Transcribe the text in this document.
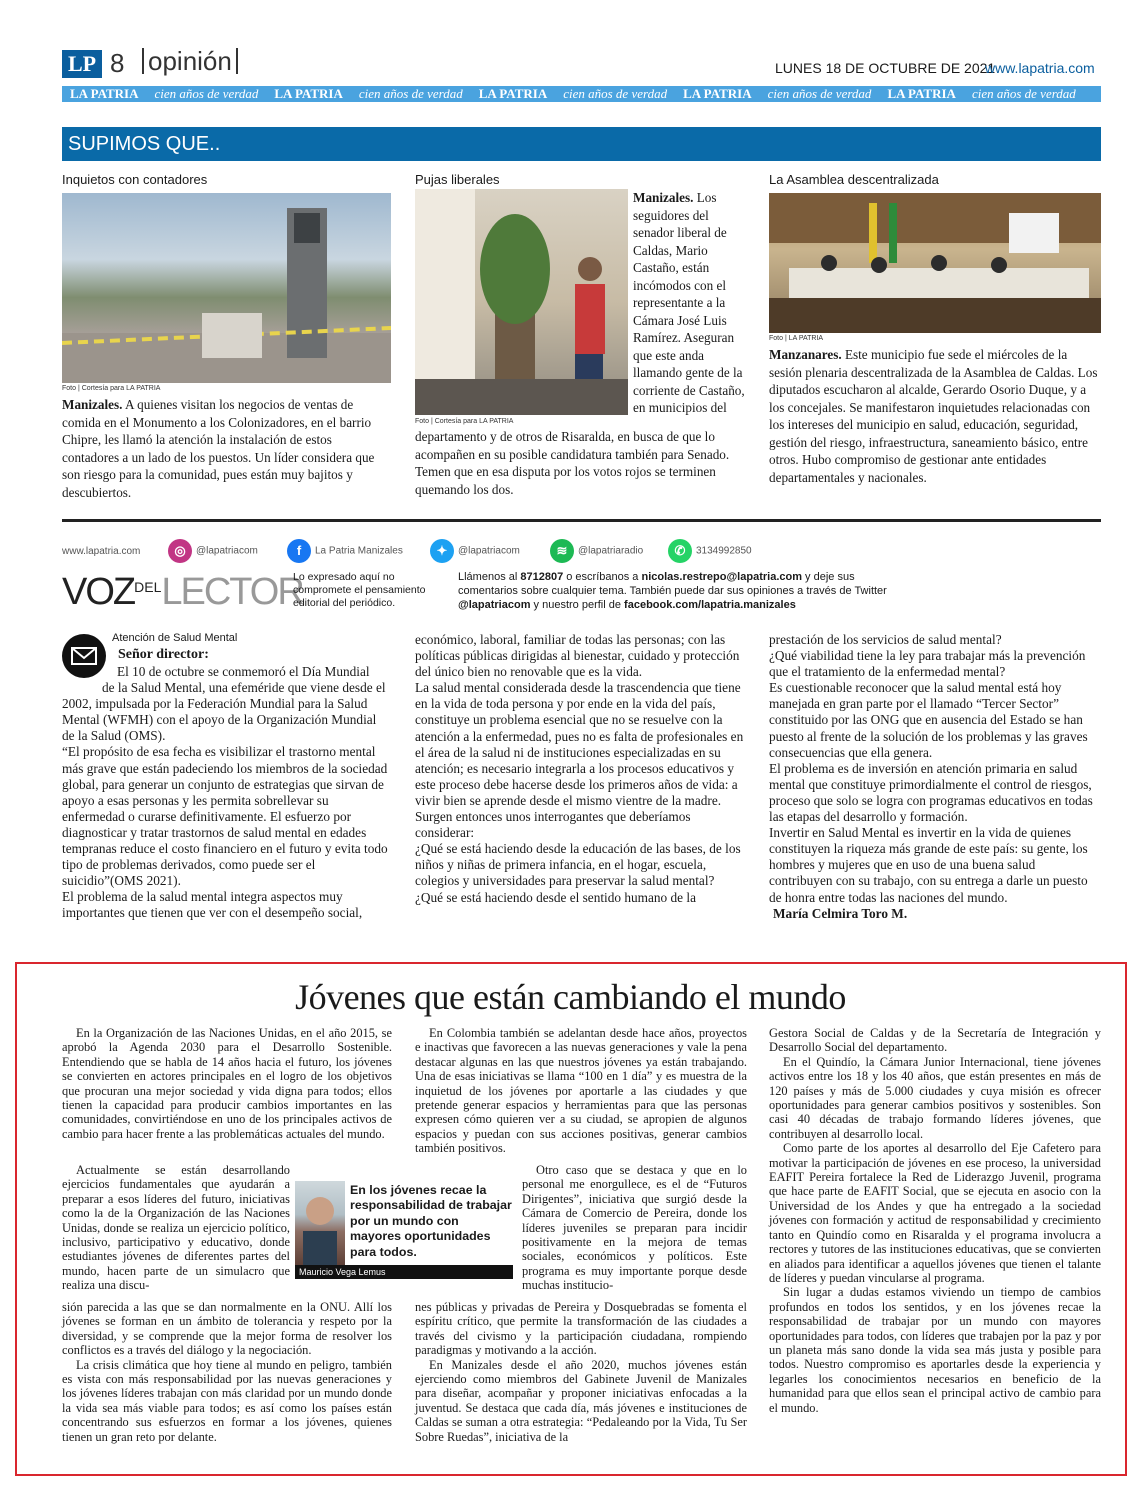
LP 8 opinión	LUNES 18 DE OCTUBRE DE 2021
www.lapatria.com
LA PATRIA cien años de verdad LA PATRIA cien años de verdad LA PATRIA cien años de verdad LA PATRIA cien años de verdad LA PATRIA cien años de verdad
SUPIMOS QUE..
Inquietos con contadores
Foto | Cortesía para LA PATRIA
Manizales. A quienes visitan los negocios de ventas de comida en el Monumento a los Colonizadores, en el barrio Chipre, les llamó la atención la instalación de estos contadores a un lado de los puestos. Un líder considera que son riesgo para la comunidad, pues están muy bajitos y descubiertos.
Pujas liberales
Foto | Cortesía para LA PATRIA
Manizales. Los seguidores del senador liberal de Caldas, Mario Castaño, están incómodos con el representante a la Cámara José Luis Ramírez. Aseguran que este anda llamando gente de la corriente de Castaño, en municipios del
departamento y de otros de Risaralda, en busca de que lo acompañen en su posible candidatura también para Senado. Temen que en esa disputa por los votos rojos se terminen quemando los dos.
La Asamblea descentralizada
Foto | LA PATRIA
Manzanares. Este municipio fue sede el miércoles de la sesión plenaria descentralizada de la Asamblea de Caldas. Los diputados escucharon al alcalde, Gerardo Osorio Duque, y a los concejales. Se manifestaron inquietudes relacionadas con los intereses del municipio en salud, educación, seguridad, gestión del riesgo, infraestructura, saneamiento básico, entre otros. Hubo compromiso de gestionar ante entidades departamentales y nacionales.
www.lapatria.com	◎ @lapatriacom	f La Patria Manizales	✦ @lapatriacom	≋ @lapatriaradio	✆ 3134992850
$VOZ^{DEL}LECTOR$
Lo expresado aquí no compromete el pensamiento editorial del periódico.
Llámenos al 8712807 o escríbanos a nicolas.restrepo@lapatria.com y deje sus comentarios sobre cualquier tema. También puede dar sus opiniones a través de Twitter @lapatriacom y nuestro perfil de facebook.com/lapatria.manizales
Atención de Salud Mental
Señor director:
El 10 de octubre se conmemoró el Día Mundial
de la Salud Mental, una efeméride que viene desde el 2002, impulsada por la Federación Mundial para la Salud Mental (WFMH) con el apoyo de la Organización Mundial de la Salud (OMS).
“El propósito de esa fecha es visibilizar el trastorno mental más grave que están padeciendo los miembros de la sociedad global, para generar un conjunto de estrategias que sirvan de apoyo a esas personas y les permita sobrellevar su enfermedad o curarse definitivamente. El esfuerzo por diagnosticar y tratar trastornos de salud mental en edades tempranas reduce el costo financiero en el futuro y evita todo tipo de problemas derivados, como puede ser el suicidio”(OMS 2021).
El problema de la salud mental integra aspectos muy importantes que tienen que ver con el desempeño social,
económico, laboral, familiar de todas las personas; con las políticas públicas dirigidas al bienestar, cuidado y protección del único bien no renovable que es la vida.
La salud mental considerada desde la trascendencia que tiene en la vida de toda persona y por ende en la vida del país, constituye un problema esencial que no se resuelve con la atención a la enfermedad, pues no es falta de profesionales en el área de la salud ni de instituciones especializadas en su atención; es necesario integrarla a los procesos educativos y este proceso debe hacerse desde los primeros años de vida: a vivir bien se aprende desde el mismo vientre de la madre.
Surgen entonces unos interrogantes que deberíamos considerar:
¿Qué se está haciendo desde la educación de las bases, de los niños y niñas de primera infancia, en el hogar, escuela, colegios y universidades para preservar la salud mental?
¿Qué se está haciendo desde el sentido humano de la
prestación de los servicios de salud mental?
¿Qué viabilidad tiene la ley para trabajar más la prevención que el tratamiento de la enfermedad mental?
Es cuestionable reconocer que la salud mental está hoy manejada en gran parte por el llamado “Tercer Sector” constituido por las ONG que en ausencia del Estado se han puesto al frente de la solución de los problemas y las graves consecuencias que ella genera.
El problema es de inversión en atención primaria en salud mental que constituye primordialmente el control de riesgos, proceso que solo se logra con programas educativos en todas las etapas del desarrollo y formación.
Invertir en Salud Mental es invertir en la vida de quienes constituyen la riqueza más grande de este país: su gente, los hombres y mujeres que en uso de una buena salud contribuyen con su trabajo, con su entrega a darle un puesto de honra entre todas las naciones del mundo.
María Celmira Toro M.
Jóvenes que están cambiando el mundo

En la Organización de las Naciones Unidas, en el año 2015, se aprobó la Agenda 2030 para el Desarrollo Sostenible. Entendiendo que se habla de 14 años hacia el futuro, los jóvenes se convierten en actores principales en el logro de los objetivos que procuran una mejor sociedad y vida digna para todos; ellos tienen la capacidad para producir cambios importantes en las comunidades, convirtiéndose en uno de los principales activos de cambio para hacer frente a las problemáticas actuales del mundo.

Actualmente se están desarrollando ejercicios fundamentales que ayudarán a preparar a esos líderes del futuro, iniciativas como la de la Organización de las Naciones Unidas, donde se realiza un ejercicio político, inclusivo, participativo y educativo, donde estudiantes jóvenes de diferentes partes del mundo, hacen parte de un simulacro que realiza una discu-

sión parecida a las que se dan normalmente en la ONU. Allí los jóvenes se forman en un ámbito de tolerancia y respeto por la diversidad, y se comprende que la mejor forma de resolver los conflictos es a través del diálogo y la negociación.

La crisis climática que hoy tiene al mundo en peligro, también es vista con más responsabilidad por las nuevas generaciones y los jóvenes líderes trabajan con más claridad por un mundo donde la vida sea más viable para todos; es así como los países están concentrando sus esfuerzos en formar a los jóvenes, quienes tienen un gran reto por delante.

En los jóvenes recae la responsabilidad de trabajar por un mundo con mayores oportunidades para todos.
Mauricio Vega Lemus

En Colombia también se adelantan desde hace años, proyectos e inactivas que favorecen a las nuevas generaciones y vale la pena destacar algunas en las que nuestros jóvenes ya están trabajando. Una de esas iniciativas se llama “100 en 1 día” y es muestra de la inquietud de los jóvenes por aportarle a las ciudades y que pretende generar espacios y herramientas para que las personas expresen cómo quieren ver a su ciudad, se apropien de algunos espacios y puedan con sus acciones positivas, generar cambios también positivos.

Otro caso que se destaca y que en lo personal me enorgullece, es el de “Futuros Dirigentes”, iniciativa que surgió desde la Cámara de Comercio de Pereira, donde los líderes juveniles se preparan para incidir positivamente en la mejora de temas sociales, económicos y políticos. Este programa es muy importante porque desde muchas institucio-

nes públicas y privadas de Pereira y Dosquebradas se fomenta el espíritu crítico, que permite la transformación de las ciudades a través del civismo y la participación ciudadana, rompiendo paradigmas y motivando a la acción.

En Manizales desde el año 2020, muchos jóvenes están ejerciendo como miembros del Gabinete Juvenil de Manizales para diseñar, acompañar y proponer iniciativas enfocadas a la juventud. Se destaca que cada día, más jóvenes e instituciones de Caldas se suman a otra estrategia: “Pedaleando por la Vida, Tu Ser Sobre Ruedas”, iniciativa de la

Gestora Social de Caldas y de la Secretaría de Integración y Desarrollo Social del departamento.

En el Quindío, la Cámara Junior Internacional, tiene jóvenes activos entre los 18 y los 40 años, que están presentes en más de 120 países y más de 5.000 ciudades y cuya misión es ofrecer oportunidades para generar cambios positivos y sostenibles. Son casi 40 décadas de trabajo formando líderes jóvenes, que contribuyen al desarrollo local.

Como parte de los aportes al desarrollo del Eje Cafetero para motivar la participación de jóvenes en ese proceso, la universidad EAFIT Pereira fortalece la Red de Liderazgo Juvenil, programa que hace parte de EAFIT Social, que se ejecuta en asocio con la Universidad de los Andes y que ha entregado a la sociedad jóvenes con formación y actitud de responsabilidad y crecimiento tanto en Quindío como en Risaralda y el programa involucra a rectores y tutores de las instituciones educativas, que se convierten en aliados para identificar a aquellos jóvenes que tienen el talante de líderes y puedan vincularse al programa.

Sin lugar a dudas estamos viviendo un tiempo de cambios profundos en todos los sentidos, y en los jóvenes recae la responsabilidad de trabajar por un mundo con mayores oportunidades para todos, con líderes que trabajen por la paz y por un planeta más sano donde la vida sea más justa y posible para todos. Nuestro compromiso es aportarles desde la experiencia y legarles los conocimientos necesarios en beneficio de la humanidad para que ellos sean el principal activo de cambio para el mundo.
